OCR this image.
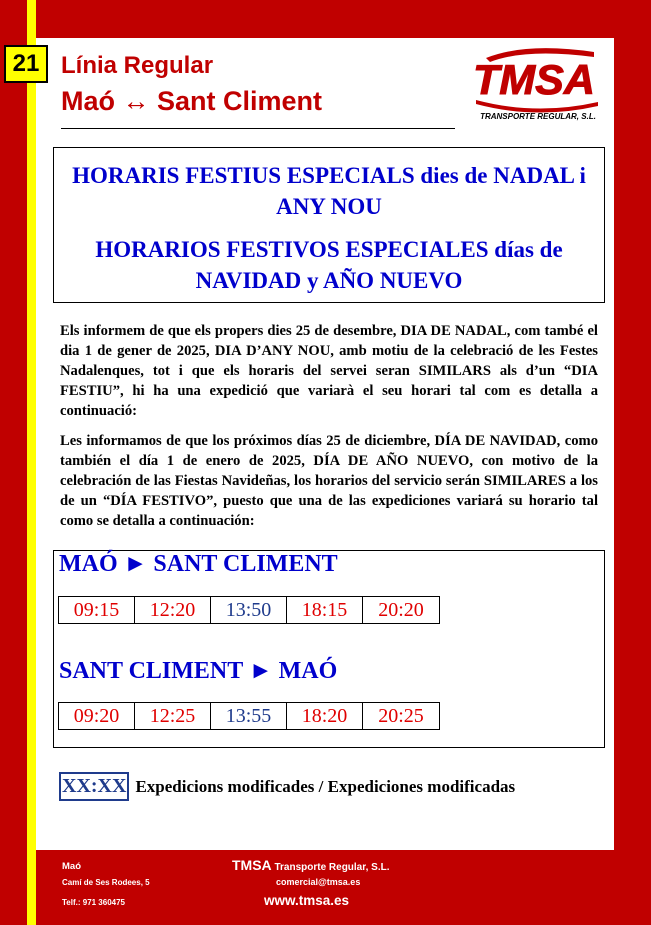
21 Línia Regular
Maó ↔ Sant Climent	TMSA
TRANSPORTE REGULAR, S.L.

HORARIS FESTIUS ESPECIALS dies de NADAL i ANY NOU

HORARIOS FESTIVOS ESPECIALES días de NAVIDAD y AÑO NUEVO

Els informem de que els propers dies 25 de desembre, DIA DE NADAL, com també el dia 1 de gener de 2025, DIA D’ANY NOU, amb motiu de la celebració de les Festes Nadalenques, tot i que els horaris del servei seran SIMILARS als d’un “DIA FESTIU”, hi ha una expedició que variarà el seu horari tal com es detalla a continuació:

Les informamos de que los próximos días 25 de diciembre, DÍA DE NAVIDAD, como también el día 1 de enero de 2025, DÍA DE AÑO NUEVO, con motivo de la celebración de las Fiestas Navideñas, los horarios del servicio serán SIMILARES a los de un “DÍA FESTIVO”, puesto que una de las expediciones variará su horario tal como se detalla a continuación:

MAÓ ► SANT CLIMENT
09:15	12:20	13:50	18:15	20:20
SANT CLIMENT ► MAÓ
09:20	12:25	13:55	18:20	20:25
XX:XX Expedicions modificades / Expediciones modificadas
Maó
Camí de Ses Rodees, 5
Telf.: 971 360475
TMSA Transporte Regular, S.L.
comercial@tmsa.es
www.tmsa.es
